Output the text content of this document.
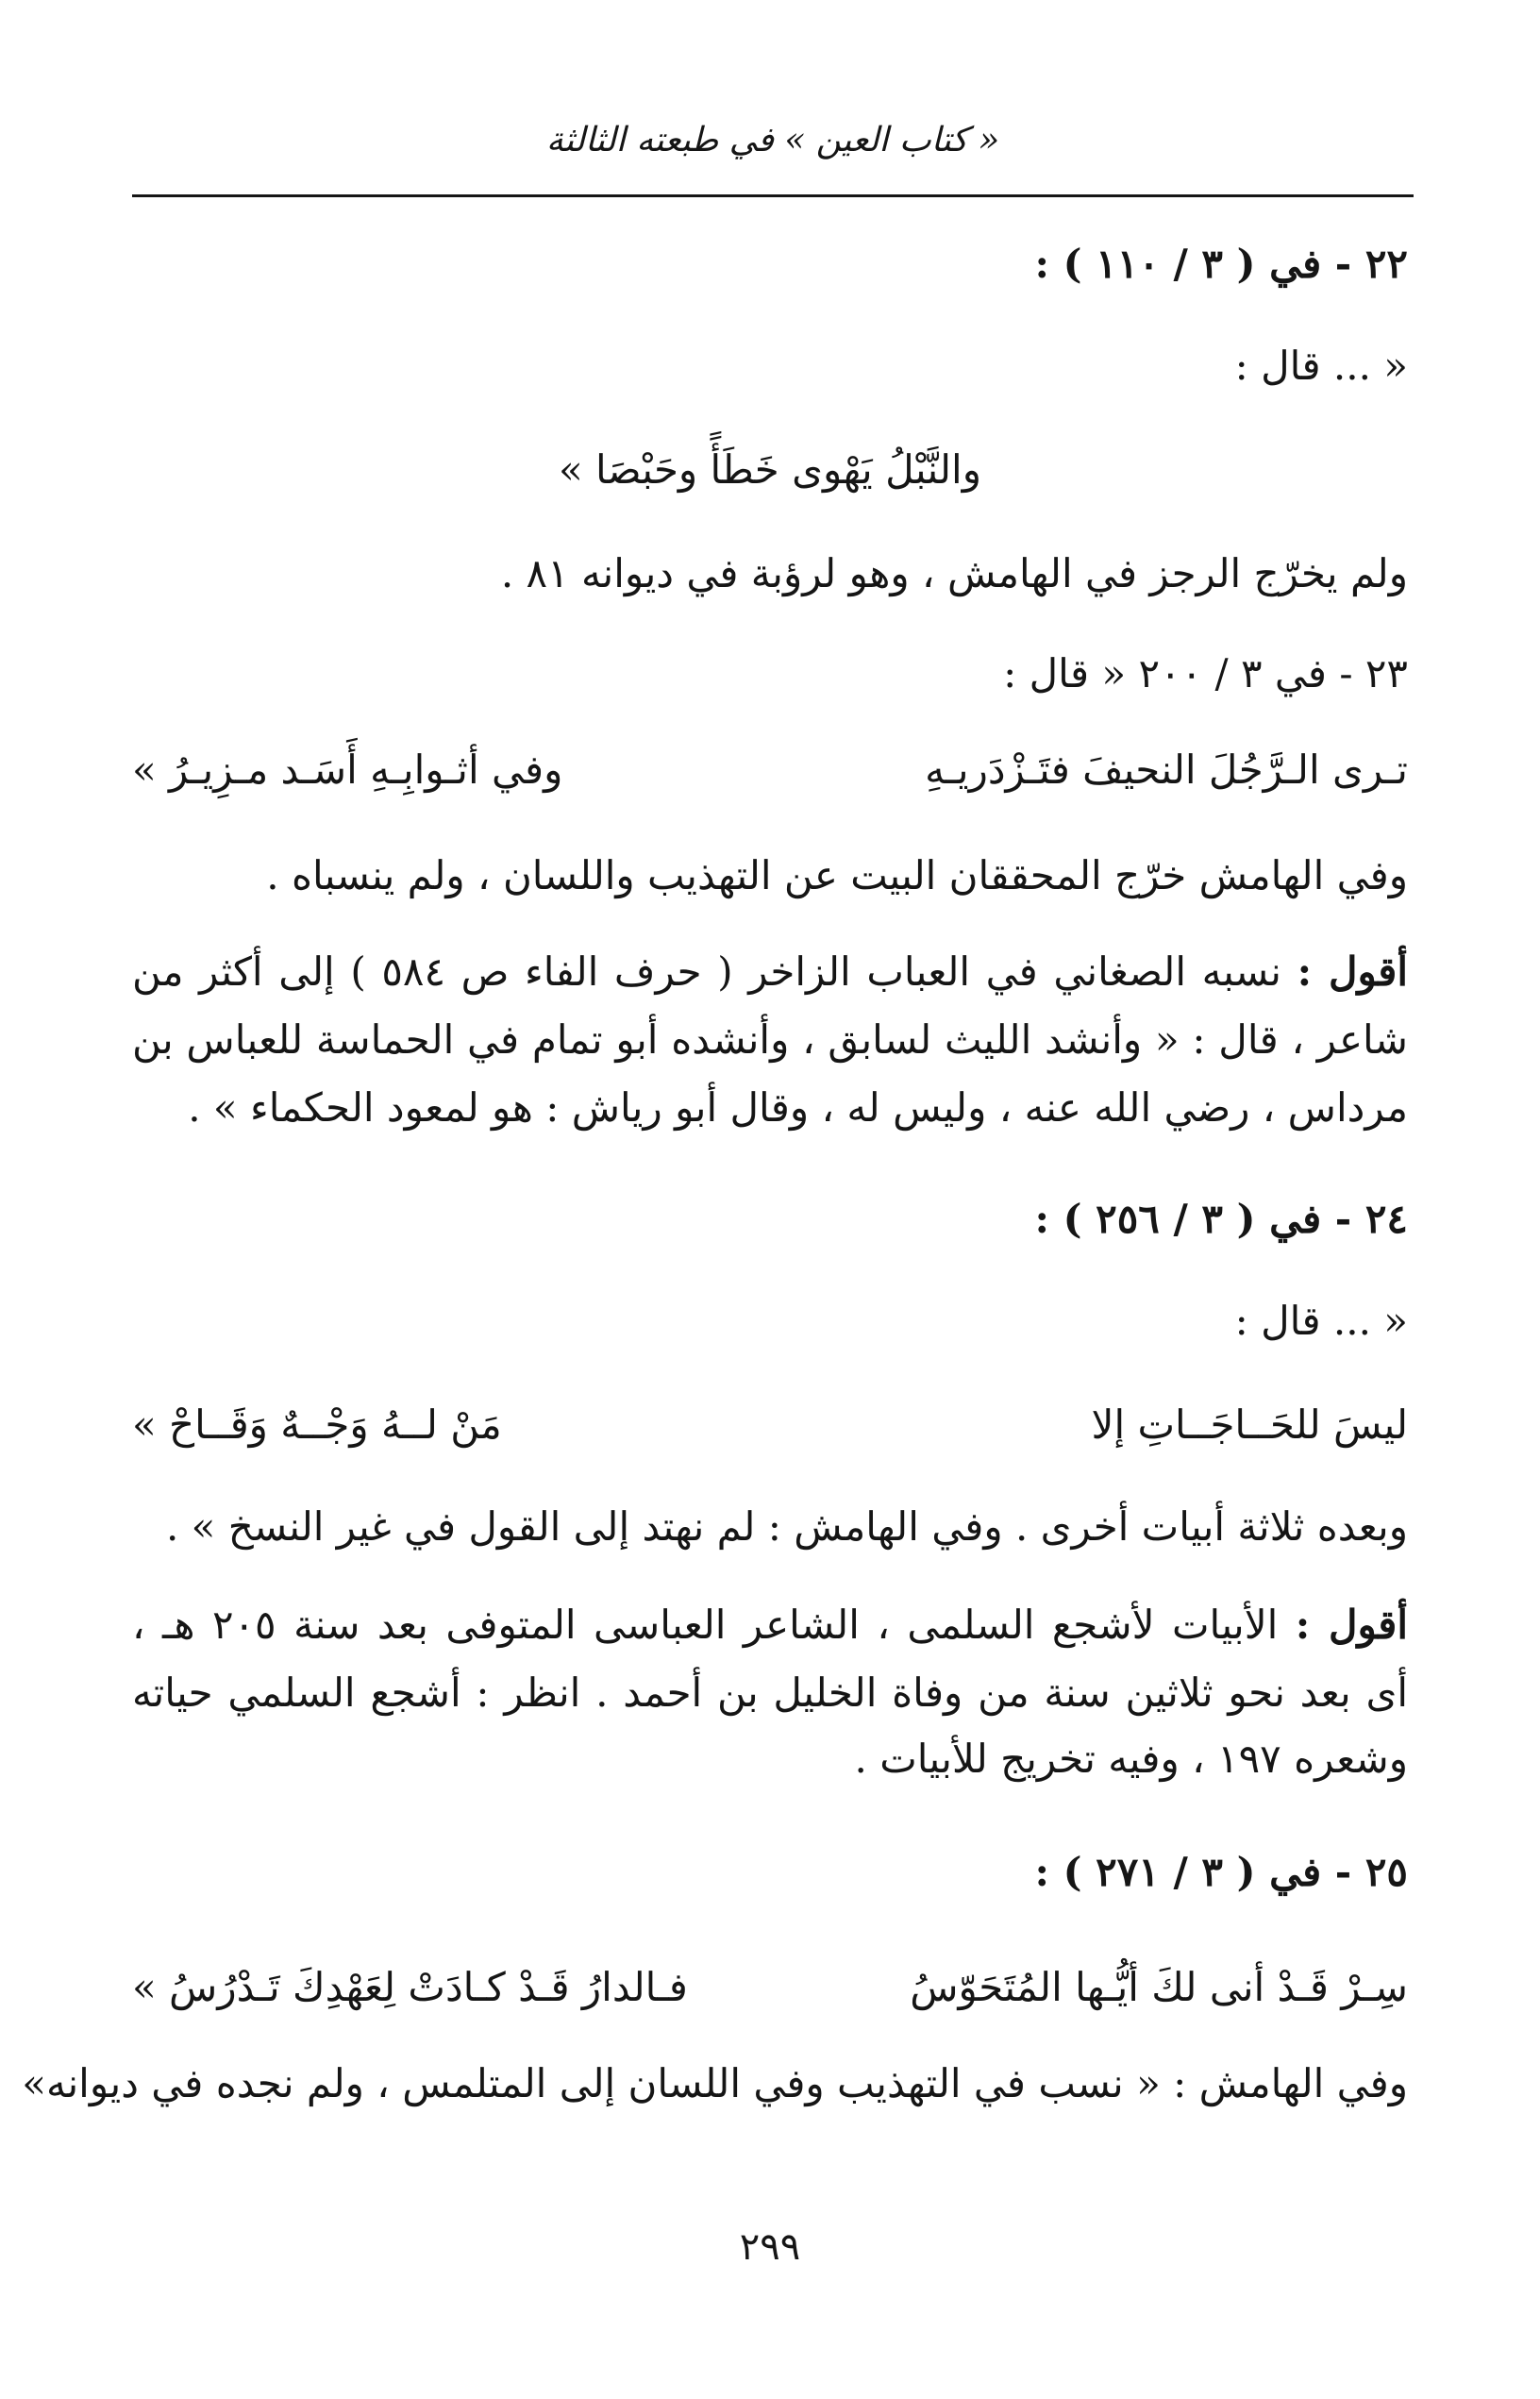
« كتاب العين » في طبعته الثالثة
٢٢ - في ( ٣ / ١١٠ ) :
« ... قال :
والنَّبْلُ يَهْوى خَطَأً وحَبْصَا »
ولم يخرّج الرجز في الهامش ، وهو لرؤبة في ديوانه ٨١ .
٢٣ - في ٣ / ٢٠٠ « قال :
تـرى الـرَّجُلَ النحيفَ فتَـزْدَريـهِ
وفي أثـوابِـهِ أَسَـد مـزِيـرُ »
وفي الهامش خرّج المحققان البيت عن التهذيب واللسان ، ولم ينسباه .
أقول : نسبه الصغاني في العباب الزاخر ( حرف الفاء ص ٥٨٤ ) إلى أكثر من
شاعر ، قال : « وأنشد الليث لسابق ، وأنشده أبو تمام في الحماسة للعباس بن
مرداس ، رضي الله عنه ، وليس له ، وقال أبو رياش : هو لمعود الحكماء » .
٢٤ - في ( ٣ / ٢٥٦ ) :
« ... قال :
ليسَ للحَــاجَــاتِ إلا
مَنْ لــهُ وَجْــهٌ وَقَــاحْ »
وبعده ثلاثة أبيات أخرى . وفي الهامش : لم نهتد إلى القول في غير النسخ » .
أقول : الأبيات لأشجع السلمى ، الشاعر العباسى المتوفى بعد سنة ٢٠٥ هـ ،
أى بعد نحو ثلاثين سنة من وفاة الخليل بن أحمد . انظر : أشجع السلمي حياته
وشعره ١٩٧ ، وفيه تخريج للأبيات .
٢٥ - في ( ٣ / ٢٧١ ) :
سِـرْ قَـدْ أنى لكَ أيُّـها المُتَحَوّسُ
فـالدارُ قَـدْ كـادَتْ لِعَهْدِكَ تَـدْرُسُ »
وفي الهامش : « نسب في التهذيب وفي اللسان إلى المتلمس ، ولم نجده في ديوانه»
٢٩٩
